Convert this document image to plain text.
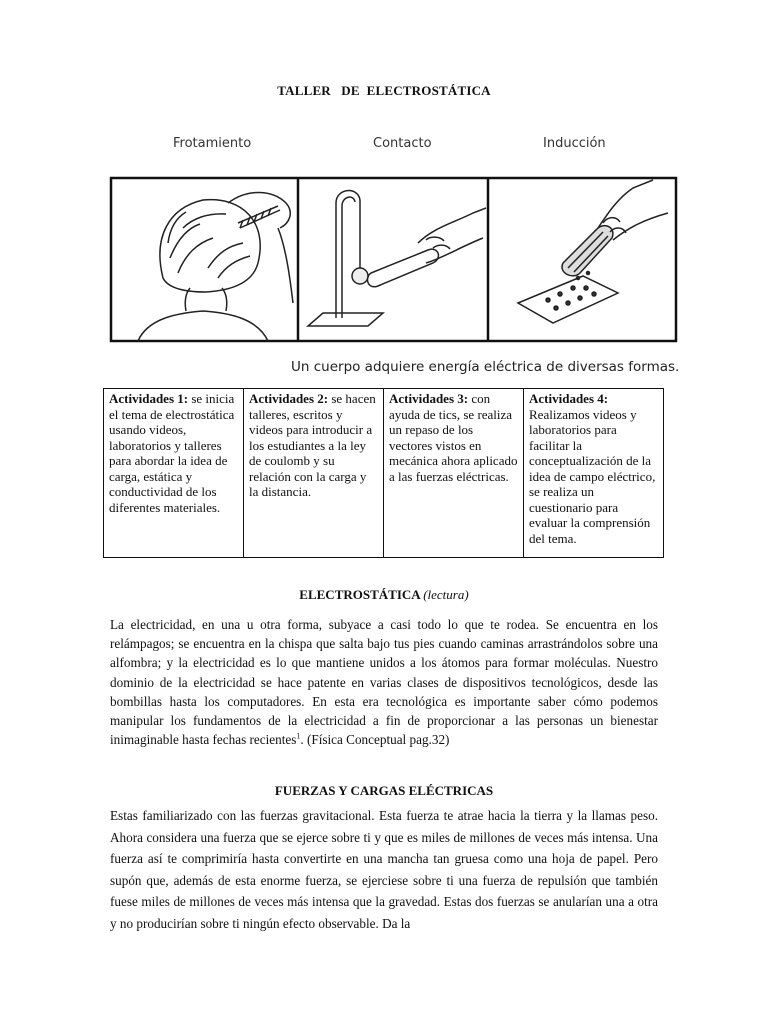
TALLER   DE  ELECTROSTÁTICA
Frotamiento	Contacto	Inducción
Un cuerpo adquiere energía eléctrica de diversas formas.
Actividades 1: se inicia el tema de electrostática usando videos, laboratorios y talleres para abordar la idea de carga, estática y conductividad de los diferentes materiales.	Actividades 2: se hacen talleres, escritos y videos para introducir a los estudiantes a la ley de coulomb y su relación con la carga y la distancia.	Actividades 3: con ayuda de tics, se realiza un repaso de los vectores vistos en mecánica ahora aplicado a las fuerzas eléctricas.	Actividades 4: Realizamos videos y laboratorios para facilitar la conceptualización de la idea de campo eléctrico, se realiza un cuestionario para evaluar la comprensión del tema.
ELECTROSTÁTICA (lectura)
La electricidad, en una u otra forma, subyace a casi todo lo que te rodea. Se encuentra en los relámpagos; se encuentra en la chispa que salta bajo tus pies cuando caminas arrastrándolos sobre una alfombra; y la electricidad es lo que mantiene unidos a los átomos para formar moléculas. Nuestro dominio de la electricidad se hace patente en varias clases de dispositivos tecnológicos, desde las bombillas hasta los computadores. En esta era tecnológica es importante saber cómo podemos manipular los fundamentos de la electricidad a fin de proporcionar a las personas un bienestar inimaginable hasta fechas recientes$^1$. (Física Conceptual pag.32)
FUERZAS Y CARGAS ELÉCTRICAS
Estas familiarizado con las fuerzas gravitacional. Esta fuerza te atrae hacia la tierra y la llamas peso. Ahora considera una fuerza que se ejerce sobre ti y que es miles de millones de veces más intensa. Una fuerza así te comprimiría hasta convertirte en una mancha tan gruesa como una hoja de papel. Pero supón que, además de esta enorme fuerza, se ejerciese sobre ti una fuerza de repulsión que también fuese miles de millones de veces más intensa que la gravedad. Estas dos fuerzas se anularían una a otra y no producirían sobre ti ningún efecto observable. Da la
